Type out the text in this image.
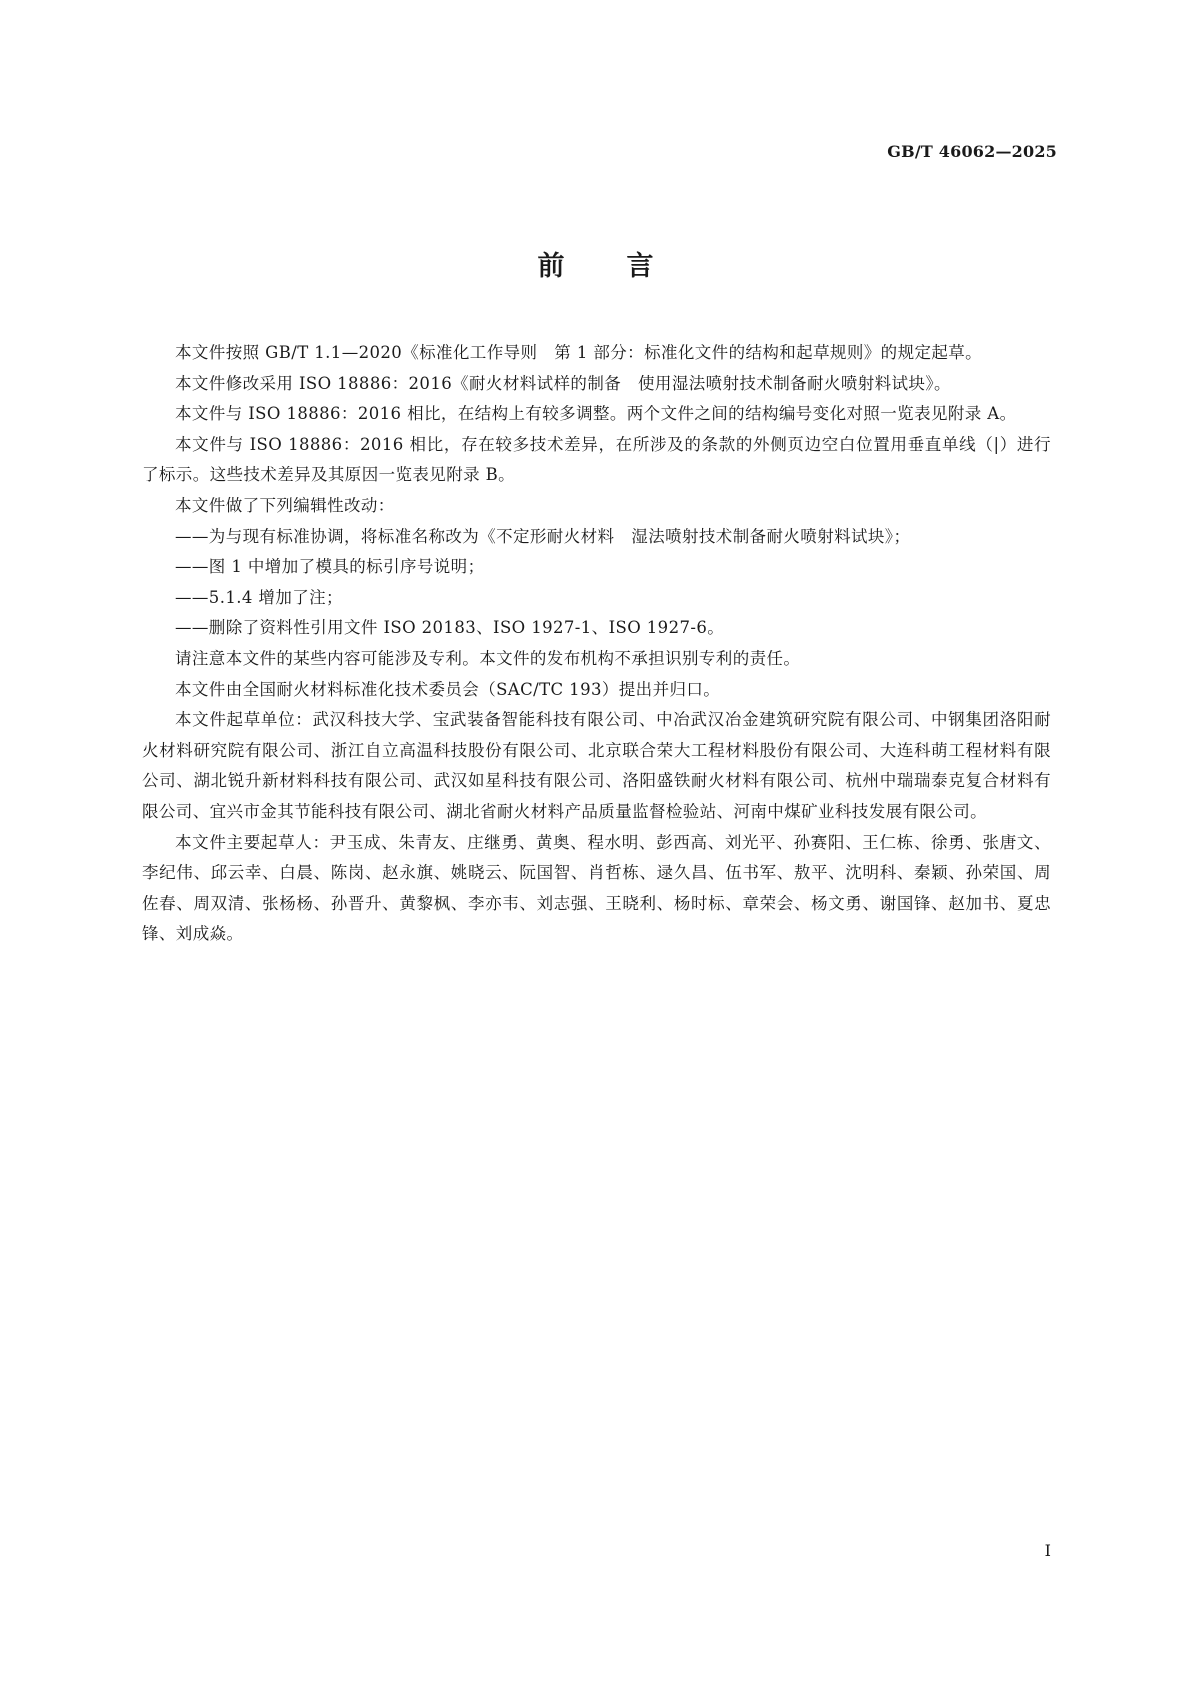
GB/T 46062—2025
前 言

本文件按照 GB/T 1.1—2020《标准化工作导则　第 1 部分：标准化文件的结构和起草规则》的规定起草。

本文件修改采用 ISO 18886：2016《耐火材料试样的制备　使用湿法喷射技术制备耐火喷射料试块》。

本文件与 ISO 18886：2016 相比，在结构上有较多调整。两个文件之间的结构编号变化对照一览表见附录 A。

本文件与 ISO 18886：2016 相比，存在较多技术差异，在所涉及的条款的外侧页边空白位置用垂直单线（|）进行了标示。这些技术差异及其原因一览表见附录 B。

本文件做了下列编辑性改动：

——为与现有标准协调，将标准名称改为《不定形耐火材料　湿法喷射技术制备耐火喷射料试块》；

——图 1 中增加了模具的标引序号说明；

——5.1.4 增加了注；

——删除了资料性引用文件 ISO 20183、ISO 1927-1、ISO 1927-6。

请注意本文件的某些内容可能涉及专利。本文件的发布机构不承担识别专利的责任。

本文件由全国耐火材料标准化技术委员会（SAC/TC 193）提出并归口。

本文件起草单位：武汉科技大学、宝武装备智能科技有限公司、中冶武汉冶金建筑研究院有限公司、中钢集团洛阳耐火材料研究院有限公司、浙江自立高温科技股份有限公司、北京联合荣大工程材料股份有限公司、大连科萌工程材料有限公司、湖北锐升新材料科技有限公司、武汉如星科技有限公司、洛阳盛铁耐火材料有限公司、杭州中瑞瑞泰克复合材料有限公司、宜兴市金其节能科技有限公司、湖北省耐火材料产品质量监督检验站、河南中煤矿业科技发展有限公司。

本文件主要起草人：尹玉成、朱青友、庄继勇、黄奥、程水明、彭西高、刘光平、孙赛阳、王仁栋、徐勇、张唐文、李纪伟、邱云幸、白晨、陈岗、赵永旗、姚晓云、阮国智、肖哲栋、逯久昌、伍书军、敖平、沈明科、秦颖、孙荣国、周佐春、周双清、张杨杨、孙晋升、黄黎枫、李亦韦、刘志强、王晓利、杨时标、章荣会、杨文勇、谢国锋、赵加书、夏忠锋、刘成焱。

I
